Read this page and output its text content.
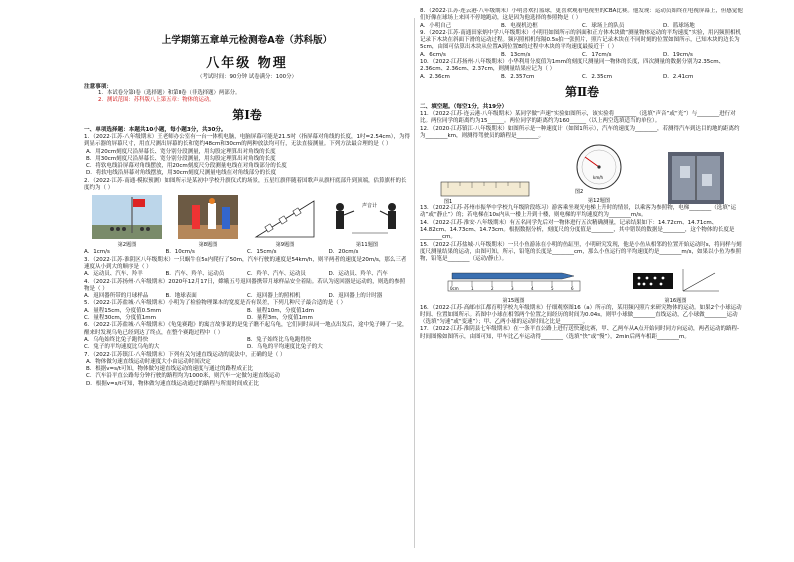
上学期第五章单元检测卷A卷（苏科版）
八年级 物理
（考试时间：90分钟 试卷满分：100分）
注意事项：
1．本试卷分第Ⅰ卷（选择题）和第Ⅱ卷（非选择题）两部分。
2．测试范围：苏科版八上第五章：物体的运动。
第Ⅰ卷
一、单项选择题：本题共10小题，每小题3分，共30分。

1．（2022·江苏·八年级期末）王老师办公室有一台一体机电脑，电脑屏幕可能是21.5吋（指屏幕对角线的长度，1吋=2.54cm），为得到显示器的屏幕尺寸，用直尺测出屏幕的长和宽约48cm和30cm的两种放法均可行，无法直接测量。下列方法最合理的是（ ）

A．用20cm刻度尺沿屏幕长、宽分别分段测量，用勾股定理算出对角线的长度
B．用30cm刻度尺沿屏幕长、宽分别分段测量，用勾股定理算出对角线的长度
C．将软电线沿屏幕对角线摆放，用20cm刻度尺分段测量电线在对角线部分的长度
D．将软电线沿屏幕对角线摆放，用30cm刻度尺测量电线在对角线部分的长度

2．（2022·江苏·南通·模拟预测）如图所示是某初中学校升旗仪式的场景，五星红旗伴随着国歌声从旗杆底部升到顶端，估算旗杆的长度约为（ ）

第2题图	第8题图	第9题图
声音计
第11题图
A．1cm/s	B．10cm/s	C．15cm/s	D．20cm/s

3．（2022·江苏·淮阴区八年级期末）一只蜗牛在5s内爬行了50m，汽车行驶的速度是54km/h，则平两者的速度是20m/s，那么三者速度从小到大的顺序是（ ）

A．运动员、汽车、羚羊	B．汽车、羚羊、运动员	C．羚羊、汽车、运动员	D．运动员、羚羊、汽车

4．（2022·江苏扬州·八年级期末）2020年12月17日，嫦娥五号返回器携带月球样品安全着陆。若认为返回器是运动的，则选的参照物是（ ）

A．返回器所带的月球样品	B．地球表面	C．返回器上的照相机	D．返回器上的计时器

5．（2022·江苏盐城·八年级期末）小明为了检验物理课本的宽度是否有误差，下列几种尺子最合适的是（ ）

A．量程15cm，分度值0.5mm	B．量程10m，分度值1dm
C．量程30cm，分度值1mm	D．量程3m，分度值1mm

6．（2022·江苏盐城·八年级期末）《龟兔赛跑》的寓言故事说的是兔子瞧不起乌龟，它们同时从同一地点出发后，途中兔子睡了一觉，醒来时发现乌龟已经到达了终点，在整个赛跑过程中（ ）

A．乌龟始终比兔子跑得快	B．兔子始终比乌龟跑得快
C．兔子的平均速度比乌龟的大	D．乌龟的平均速度比兔子的大

7．（2022·江苏镇江·八年级期末）下列有关匀速直线运动的说法中，正确的是（ ）

A．物体做匀速直线运动时速度大小由运动时间决定
B．根据v=s/t可知，物体做匀速直线运动的速度与通过的路程成正比
C．汽车沿平直公路每分钟行驶的路程均为1000米，则汽车一定做匀速直线运动
D．根据v=s/t可知，物体做匀速直线运动通过的路程与所需时间成正比

8．（2022·江苏·连云港·八年级期末）小明喜欢打篮球，更喜欢观看电视里的CBA比赛。他发现：运动员始终在电视屏幕上，但感觉他们好像在球场上来回不停地跑动，这是因为他选择的参照物是（ ）

A．小明自己	B．电视机边框	C．球场上的队员	D．篮球场地

9．（2022·江苏·南通田家炳中学八年级期末）小明用如图所示的斜面和正方体木块做“测量物体运动的平均速度”实验，用闪频照相机记录下木块在斜面下滑的运动过程。频闪照相机每隔0.5s拍一张照片，照片记录木块在不同时刻的位置如图所示，已知木块的边长为5cm，由图可估算出木块从位置A到位置B的过程中木块的平均速度最接近于（ ）

A．6cm/s	B．13cm/s	C．17cm/s	D．19cm/s

10．（2022·江苏扬州·八年级期末）小华利用分度值为1mm的刻度尺测量同一物体的长度，四次测量的数据分别为2.35cm、2.36cm、2.36cm、2.37cm，则测量结果应记为（ ）

A．2.36cm	B．2.357cm	C．2.35cm	D．2.41cm
第Ⅱ卷
二、填空题。（每空1分，共19分）

11．（2022·江苏·连云港·八年级期末）某同学做“声速”实验如图所示，该实验将________（选填“声音”或“光”）与________进行对比。两位同学的距离约为15______。两位同学的距离约为160______（以上两空选填适当的单位）。

12．（2020·江苏镇江·八年级期末）如图所示是一种速度计（如图1所示），汽车的速度为________，若测得汽车到达目的地的距离约为________km，则测得驾驶员的路程是________。

图1
km/h
图2
第12题图

13．（2022·江苏·苏州市振华中学校九年级阶段练习）游客乘坐观光电梯上升时的情景，以乘客为参照物，电梯________（选填“运动”或“静止”）的；若电梯在10s内从一楼上升到十楼，则电梯的平均速度约为________m/s。

14．（2022·江苏·淮安·八年级期末）有五名同学先后对一物体进行五次精确测量，记录结果如下：14.72cm、14.71cm、14.82cm、14.73cm、14.73cm。根据数据分析，刻度尺的分度值是________，其中错误的数据是________，这个物体的长度是________cm。

15．（2022·江苏盐城·八年级期末）一只小鱼游泳在小明的鱼缸里，小明研究发现，他是小鱼从相邻的位置开始运动时s，将同样与刻度尺测量结果的运动，由图可知，所示，铅笔的长度是________cm，那么小鱼运行的平均速度约是________m/s，如果以小鱼为参照物，铅笔是________（运动/静止）。

0cm	1	2	3	4	5	6
第15题图	第16题图

16．（2022·江苏·高邮市江都育明学校九年级期末）仔细观察图16（a）所示的，某用频闪照片来研究物体的运动。如果2个小球运动时间、位置如图所示。若图中小球在相邻两个位置之间经历的时间为0.04s，则甲小球做________直线运动，乙小球做________运动（选填“匀速”或“变速”）；甲、乙两小球的运动时间之比是________。

17．（2022·江苏·淮阴县七年级期末）在一条平直公路上进行送快递比赛，甲、乙两车从A点开始同时同方向运动，两者运动的路程-时间图像如图所示，由图可知，甲车比乙车运动得________（选填“快”或“慢”），2min后两车相距________m。
